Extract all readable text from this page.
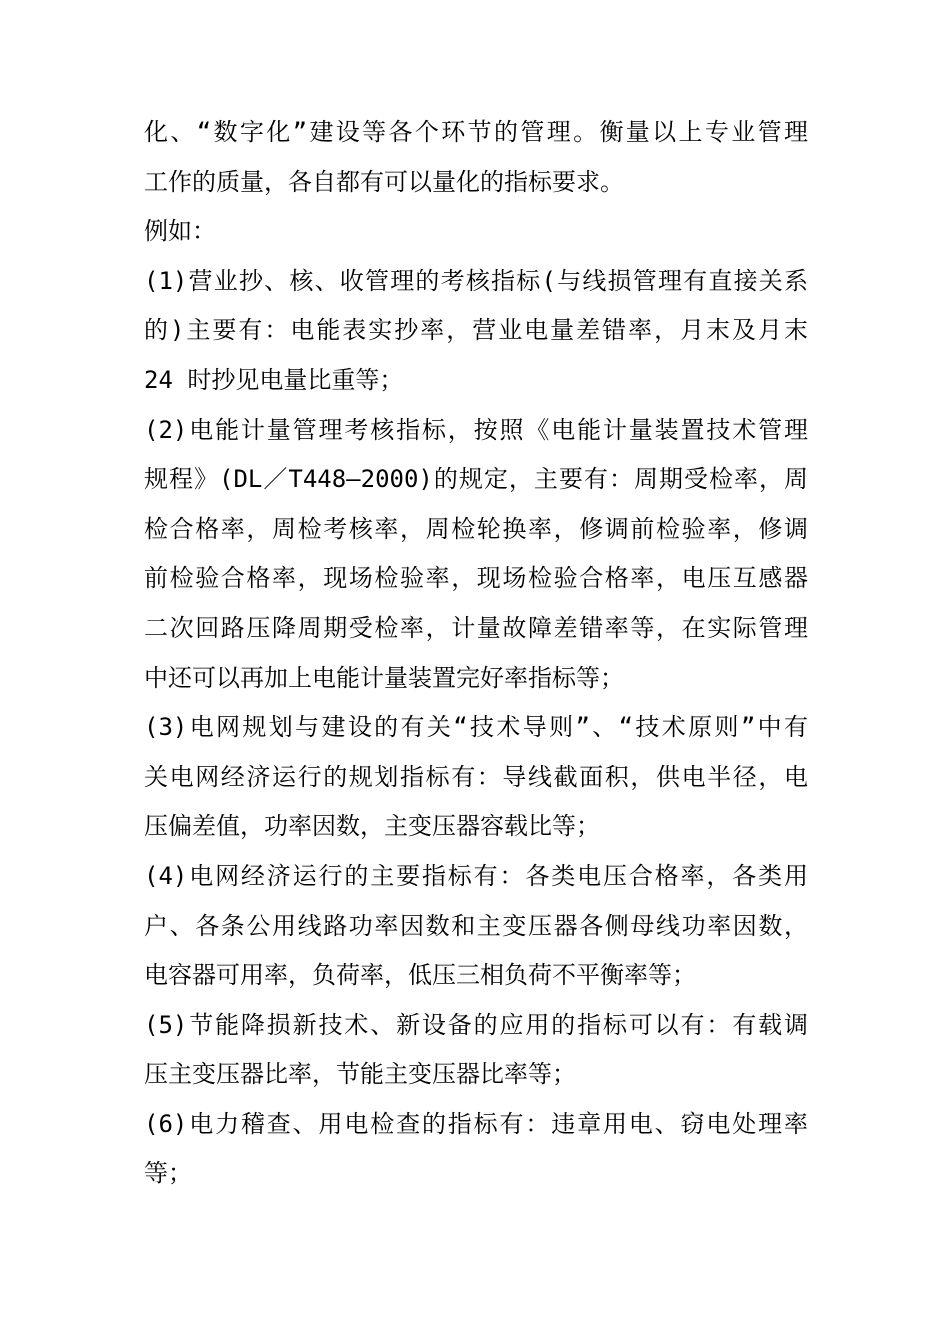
化、“数字化”建设等各个环节的管理。衡量以上专业管理
工作的质量，各自都有可以量化的指标要求。
例如：
(1)营业抄、核、收管理的考核指标(与线损管理有直接关系
的)主要有：电能表实抄率，营业电量差错率，月末及月末
24 时抄见电量比重等；
(2)电能计量管理考核指标，按照《电能计量装置技术管理
规程》(DL／T448—2000)的规定，主要有：周期受检率，周
检合格率，周检考核率，周检轮换率，修调前检验率，修调
前检验合格率，现场检验率，现场检验合格率，电压互感器
二次回路压降周期受检率，计量故障差错率等，在实际管理
中还可以再加上电能计量装置完好率指标等；
(3)电网规划与建设的有关“技术导则”、“技术原则”中有
关电网经济运行的规划指标有：导线截面积，供电半径，电
压偏差值，功率因数，主变压器容载比等；
(4)电网经济运行的主要指标有：各类电压合格率，各类用
户、各条公用线路功率因数和主变压器各侧母线功率因数，
电容器可用率，负荷率，低压三相负荷不平衡率等；
(5)节能降损新技术、新设备的应用的指标可以有：有载调
压主变压器比率，节能主变压器比率等；
(6)电力稽查、用电检查的指标有：违章用电、窃电处理率
等；
